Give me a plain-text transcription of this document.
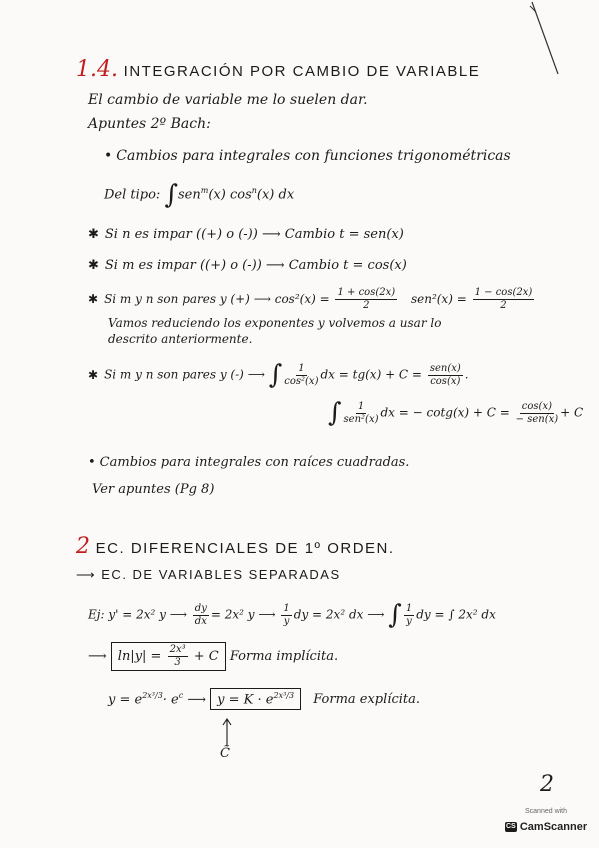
1.4. INTEGRACIÓN POR CAMBIO DE VARIABLE
El cambio de variable me lo suelen dar.
Apuntes 2º Bach:
• Cambios para integrales con funciones trigonométricas
Del tipo: ∫sen$^m$(x) $\cos^n(x)$ dx
✱ Si n es impar ((+) o (-)) ⟶ Cambio t = sen(x)
✱ Si m es impar ((+) o (-)) ⟶ Cambio t = cos(x)
✱ Si m y n son pares y (+) ⟶ $\cos^2(x) = \frac{1 + \cos(2x)}{2} sen^2(x) = \frac{1 - \cos(2x)}{2}$
Vamos reduciendo los exponentes y volvemos a usar lo
descrito anteriormente.
✱ Si m y n son pares y (-) ⟶ ∫ $\frac{1}{\text{cos²(x)}}$ dx = $tg(x) + C = \frac{\text{sen(x)}}{\cos(x)}$ .
∫ $\frac{1}{\text{sen²(x)}}$ dx = − $\cot g(x) + C = \frac{\cos(x)}{\text{− sen(x)}} + C$
• Cambios para integrales con raíces cuadradas.
Ver apuntes (Pg 8)
2 EC. DIFERENCIALES DE 1º ORDEN.
⟶ EC. DE VARIABLES SEPARADAS
Ej: y' = 2x² y ⟶ $\frac{dy}{dx} = 2x^2$ y ⟶ $\frac{1}{y}$ dy = 2x² dx ⟶ ∫ $\frac{1}{y}$ dy = ∫ 2x² dx
⟶ $\ln|y| = \frac{\text{2x³}}{3} + C$ Forma implícita.
$y = e^{2x^3/3}\cdot e^c$ ⟶ $y = K \cdot e^{2x^3/3}$ Forma explícita.
C̃
2
Scanned with
CS CamScanner
